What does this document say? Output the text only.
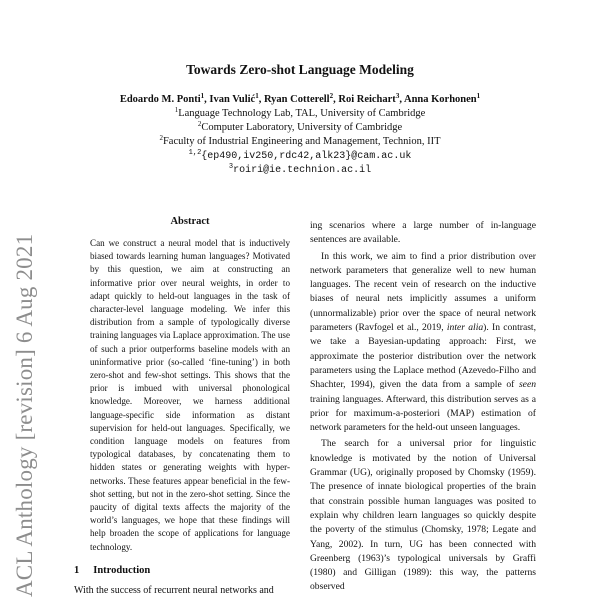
ACL Anthology [revision] 6 Aug 2021
Towards Zero-shot Language Modeling
Edoardo M. Ponti$^1$, Ivan Vulić$^1$, Ryan Cotterell$^2$, Roi Reichart$^3$, Anna Korhonen$^1$
$^1$Language Technology Lab, TAL, University of Cambridge
$^2$Computer Laboratory, University of Cambridge
$^2$Faculty of Industrial Engineering and Management, Technion, IIT
$^{1,2}${ep490,iv250,rdc42,alk23}@cam.ac.uk
$^3$roiri@ie.technion.ac.il
Abstract
Can we construct a neural model that is inductively biased towards learning human languages? Motivated by this question, we aim at constructing an informative prior over neural weights, in order to adapt quickly to held-out languages in the task of character-level language modeling. We infer this distribution from a sample of typologically diverse training languages via Laplace approximation. The use of such a prior outperforms baseline models with an uninformative prior (so-called ‘fine-tuning’) in both zero-shot and few-shot settings. This shows that the prior is imbued with universal phonological knowledge. Moreover, we harness additional language-specific side information as distant supervision for held-out languages. Specifically, we condition language models on features from typological databases, by concatenating them to hidden states or generating weights with hyper-networks. These features appear beneficial in the few-shot setting, but not in the zero-shot setting. Since the paucity of digital texts affects the majority of the world’s languages, we hope that these findings will help broaden the scope of applications for language technology.
1 Introduction
With the success of recurrent neural networks and

ing scenarios where a large number of in-language sentences are available.

In this work, we aim to find a prior distribution over network parameters that generalize well to new human languages. The recent vein of research on the inductive biases of neural nets implicitly assumes a uniform (unnormalizable) prior over the space of neural network parameters (Ravfogel et al., 2019, inter alia). In contrast, we take a Bayesian-updating approach: First, we approximate the posterior distribution over the network parameters using the Laplace method (Azevedo-Filho and Shachter, 1994), given the data from a sample of seen training languages. Afterward, this distribution serves as a prior for maximum-a-posteriori (MAP) estimation of network parameters for the held-out unseen languages.

The search for a universal prior for linguistic knowledge is motivated by the notion of Universal Grammar (UG), originally proposed by Chomsky (1959). The presence of innate biological properties of the brain that constrain possible human languages was posited to explain why children learn languages so quickly despite the poverty of the stimulus (Chomsky, 1978; Legate and Yang, 2002). In turn, UG has been connected with Greenberg (1963)’s typological universals by Graffi (1980) and Gilligan (1989): this way, the patterns observed
